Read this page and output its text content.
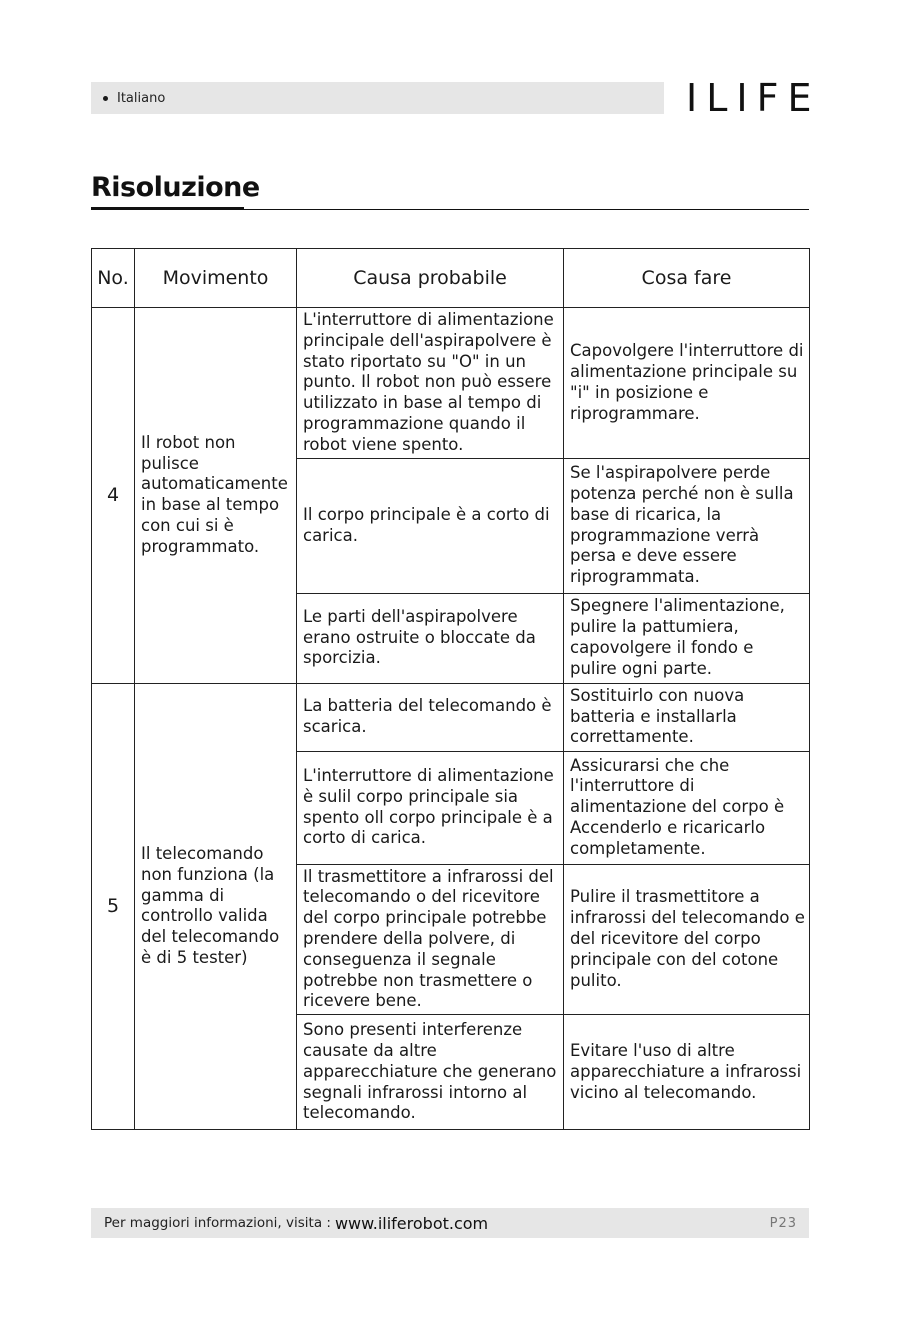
Italiano	ILIFE
Risoluzione
No.	Movimento	Causa probabile	Cosa fare
4	Il robot non pulisce automaticamente in base al tempo con cui si è programmato.	L'interruttore di alimentazione principale dell'aspirapolvere è stato riportato su "O" in un punto. Il robot non può essere utilizzato in base al tempo di programmazione quando il robot viene spento.	Capovolgere l'interruttore di alimentazione principale su "i" in posizione e riprogrammare.
		Il corpo principale è a corto di carica.	Se l'aspirapolvere perde potenza perché non è sulla base di ricarica, la programmazione verrà persa e deve essere riprogrammata.
		Le parti dell'aspirapolvere erano ostruite o bloccate da sporcizia.	Spegnere l'alimentazione, pulire la pattumiera, capovolgere il fondo e pulire ogni parte.
5	Il telecomando non funziona (la gamma di controllo valida del telecomando è di 5 tester)	La batteria del telecomando è scarica.	Sostituirlo con nuova batteria e installarla correttamente.
		L'interruttore di alimentazione è sulil corpo principale sia spento oll corpo principale è a corto di carica.	Assicurarsi che che l'interruttore di alimentazione del corpo è Accenderlo e ricaricarlo completamente.
		Il trasmettitore a infrarossi del telecomando o del ricevitore del corpo principale potrebbe prendere della polvere, di conseguenza il segnale potrebbe non trasmettere o ricevere bene.	Pulire il trasmettitore a infrarossi del telecomando e del ricevitore del corpo principale con del cotone pulito.
		Sono presenti interferenze causate da altre apparecchiature che generano segnali infrarossi intorno al telecomando.	Evitare l'uso di altre apparecchiature a infrarossi vicino al telecomando.
Per maggiori informazioni, visita : www.iliferobot.com	P23
